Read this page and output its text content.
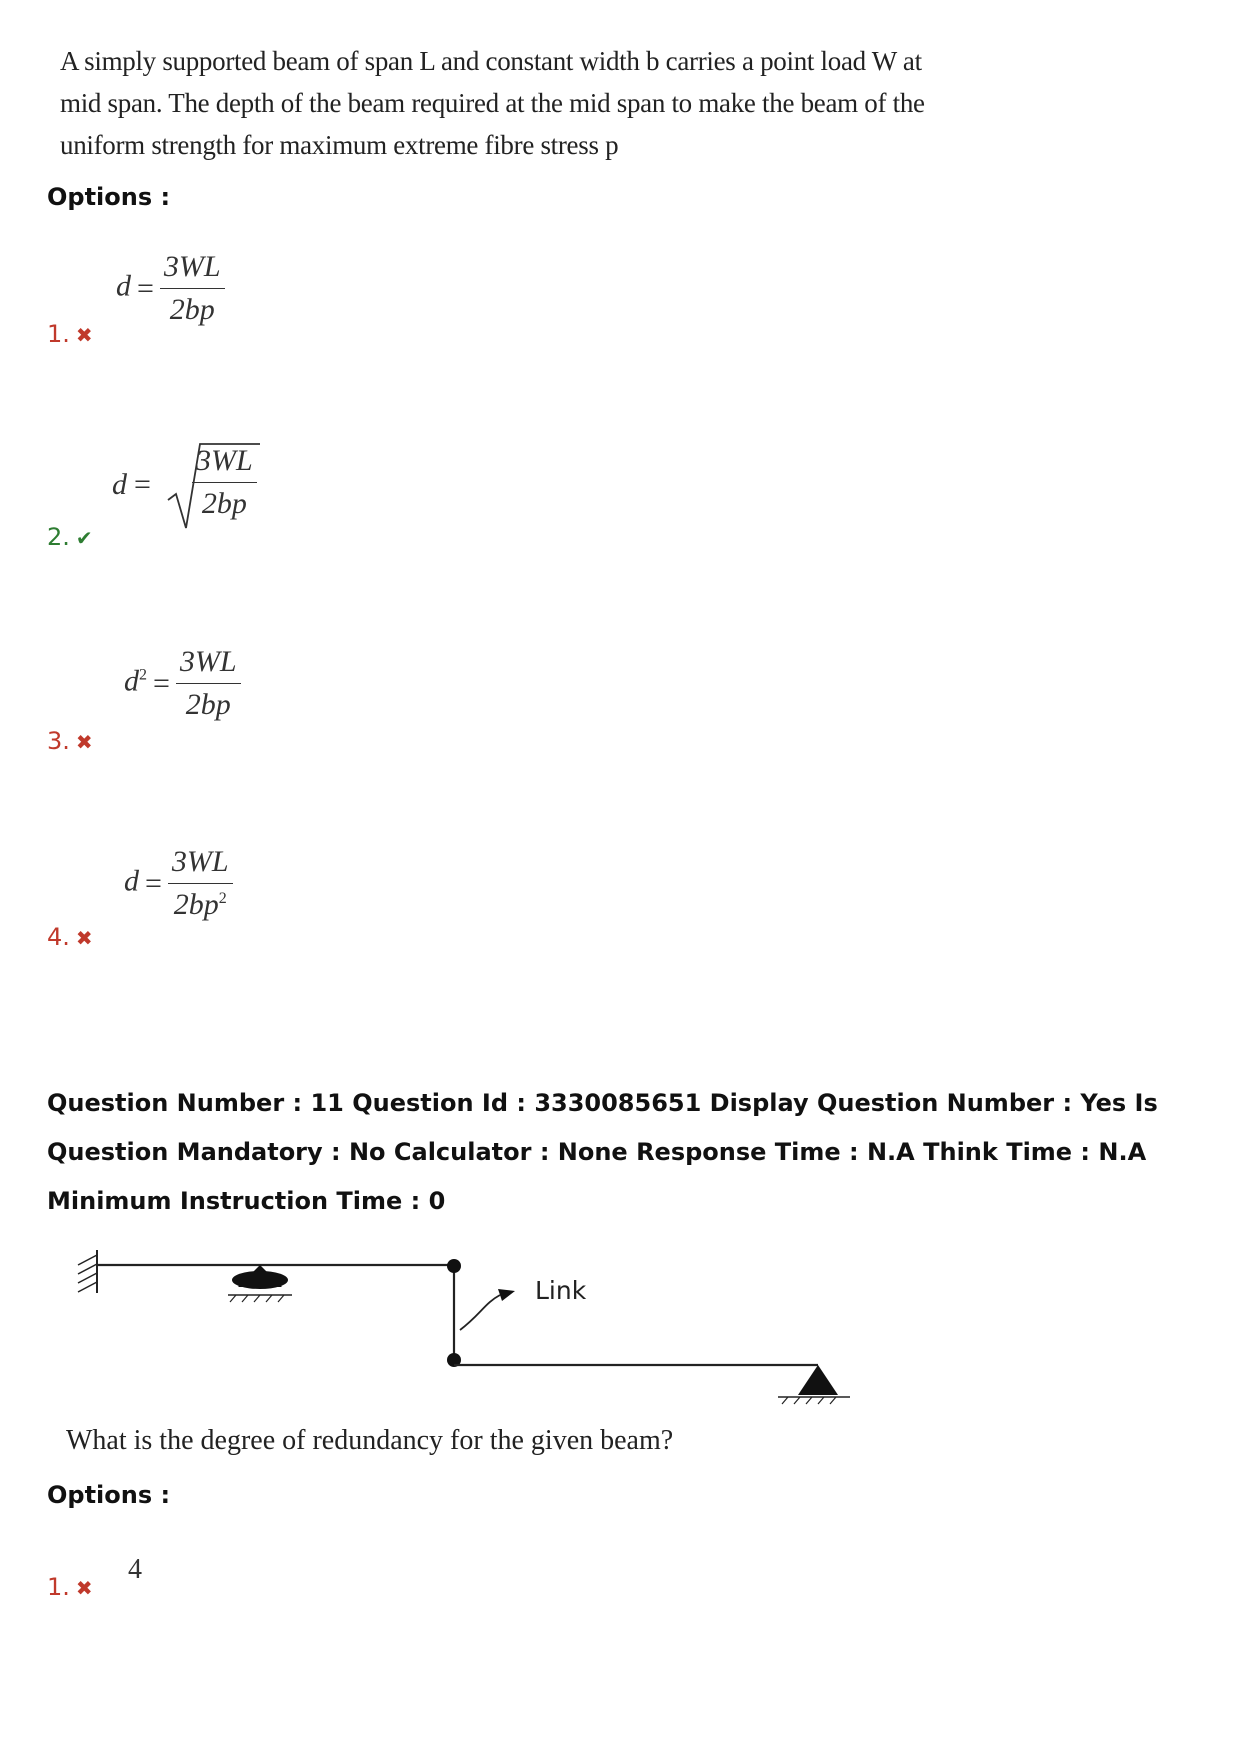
A simply supported beam of span L and constant width b carries a point load W at mid span. The depth of the beam required at the mid span to make the beam of the uniform strength for maximum extreme fibre stress p
Options :
1. ✖
$d = \frac{3WL}{2bp}$
2. ✔
$d = \frac{3WL}{2bp}$
3. ✖
$d^2 = \frac{3WL}{2bp}$
4. ✖
$d = \frac{3WL}{2bp^2}$
Question Number : 11 Question Id : 3330085651 Display Question Number : Yes Is Question Mandatory : No Calculator : None Response Time : N.A Think Time : N.A Minimum Instruction Time : 0
Link
What is the degree of redundancy for the given beam?
Options :
1. ✖
4
